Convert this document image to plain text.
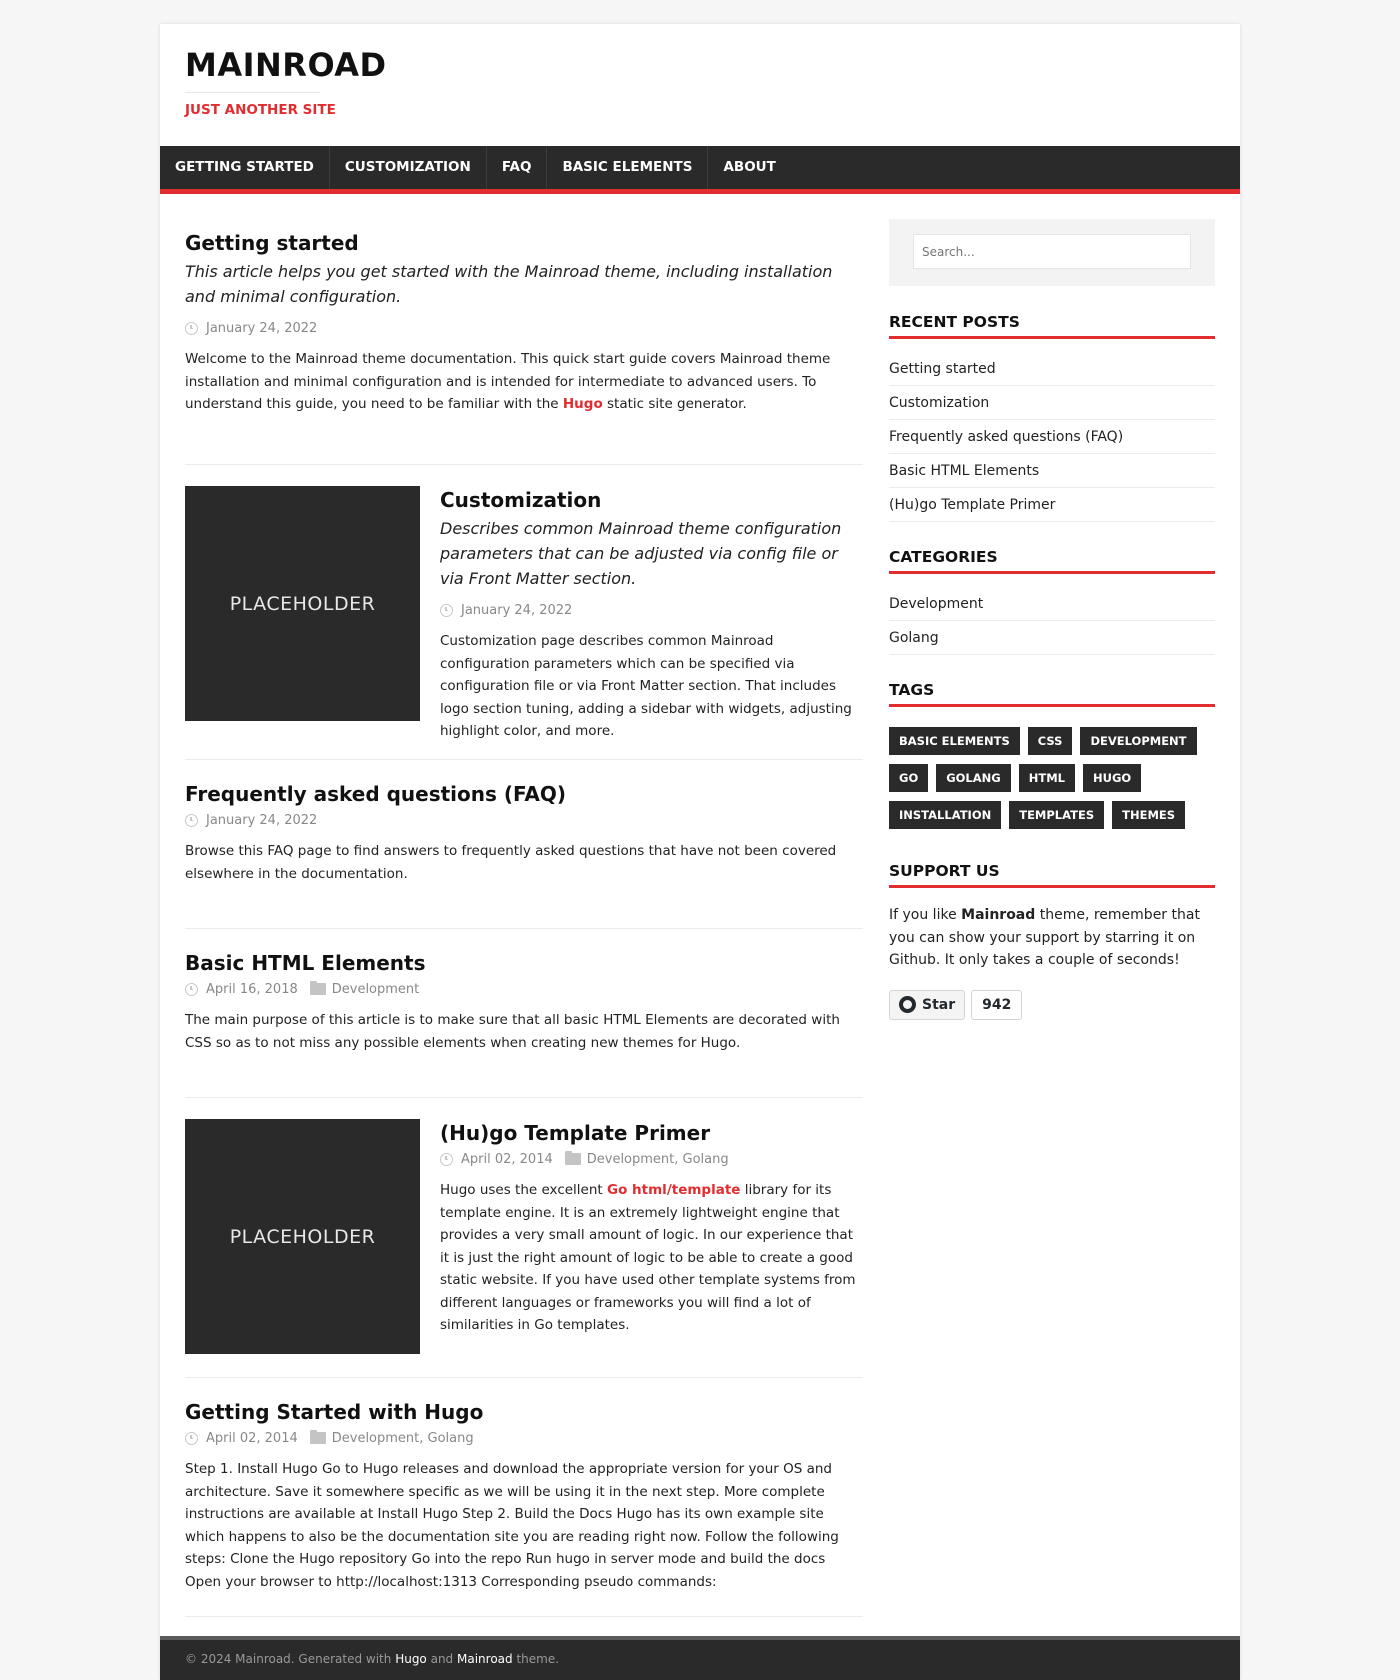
MAINROAD
JUST ANOTHER SITE
GETTING STARTED	CUSTOMIZATION	FAQ	BASIC ELEMENTS	ABOUT
Getting started

This article helps you get started with the Mainroad theme, including installation and minimal configuration.

January 24, 2022

Welcome to the Mainroad theme documentation. This quick start guide covers Mainroad theme installation and minimal configuration and is intended for intermediate to advanced users. To understand this guide, you need to be familiar with the Hugo static site generator.

PLACEHOLDER
Customization

Describes common Mainroad theme configuration parameters that can be adjusted via config file or via Front Matter section.

January 24, 2022

Customization page describes common Mainroad configuration parameters which can be specified via configuration file or via Front Matter section. That includes logo section tuning, adding a sidebar with widgets, adjusting highlight color, and more.

Frequently asked questions (FAQ)
January 24, 2022

Browse this FAQ page to find answers to frequently asked questions that have not been covered elsewhere in the documentation.

Basic HTML Elements
April 16, 2018	Development

The main purpose of this article is to make sure that all basic HTML Elements are decorated with CSS so as to not miss any possible elements when creating new themes for Hugo.

PLACEHOLDER
(Hu)go Template Primer
April 02, 2014	Development, Golang

Hugo uses the excellent Go html/template library for its template engine. It is an extremely lightweight engine that provides a very small amount of logic. In our experience that it is just the right amount of logic to be able to create a good static website. If you have used other template systems from different languages or frameworks you will find a lot of similarities in Go templates.

Getting Started with Hugo
April 02, 2014	Development, Golang

Step 1. Install Hugo Go to Hugo releases and download the appropriate version for your OS and architecture. Save it somewhere specific as we will be using it in the next step. More complete instructions are available at Install Hugo Step 2. Build the Docs Hugo has its own example site which happens to also be the documentation site you are reading right now. Follow the following steps: Clone the Hugo repository Go into the repo Run hugo in server mode and build the docs Open your browser to http://localhost:1313 Corresponding pseudo commands:

Search...
RECENT POSTS
Getting started
Customization
Frequently asked questions (FAQ)
Basic HTML Elements
(Hu)go Template Primer
CATEGORIES
Development
Golang
TAGS
BASIC ELEMENTS	CSS	DEVELOPMENT
GO	GOLANG	HTML	HUGO
INSTALLATION	TEMPLATES	THEMES
SUPPORT US

If you like Mainroad theme, remember that you can show your support by starring it on Github. It only takes a couple of seconds!

Star	942
© 2024 Mainroad. Generated with Hugo and Mainroad theme.
